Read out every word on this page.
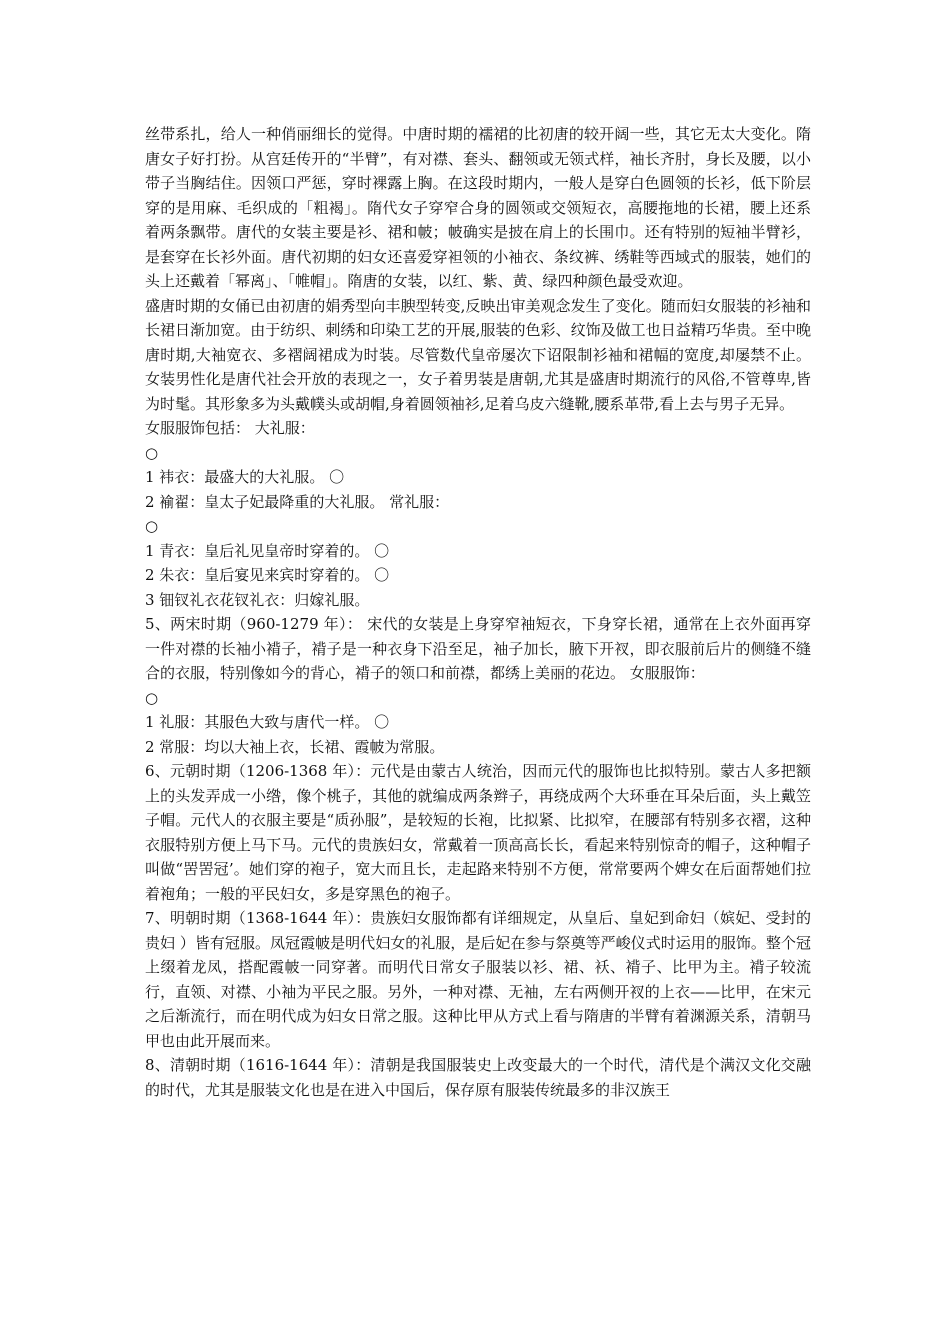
丝带系扎，给人一种俏丽细长的觉得。中唐时期的襦裙的比初唐的较开阔一些，其它无太大变化。隋唐女子好打扮。从宫廷传开的“半臂”，有对襟、套头、翻领或无领式样，袖长齐肘，身长及腰，以小带子当胸结住。因领口严惩，穿时裸露上胸。在这段时期内，一般人是穿白色圆领的长衫，低下阶层穿的是用麻、毛织成的「粗褐」。隋代女子穿窄合身的圆领或交领短衣，高腰拖地的长裙，腰上还系着两条飘带。唐代的女装主要是衫、裙和帔；帔确实是披在肩上的长围巾。还有特别的短袖半臂衫，是套穿在长衫外面。唐代初期的妇女还喜爱穿袒领的小袖衣、条纹裤、绣鞋等西域式的服装，她们的头上还戴着「幂离」、「帷帽」。隋唐的女装，以红、紫、黄、绿四种颜色最受欢迎。

盛唐时期的女俑已由初唐的娟秀型向丰腴型转变,反映出审美观念发生了变化。随而妇女服装的衫袖和长裙日渐加宽。由于纺织、刺绣和印染工艺的开展,服装的色彩、纹饰及做工也日益精巧华贵。至中晚唐时期,大袖宽衣、多褶阔裙成为时装。尽管数代皇帝屡次下诏限制衫袖和裙幅的宽度,却屡禁不止。女装男性化是唐代社会开放的表现之一，女子着男装是唐朝,尤其是盛唐时期流行的风俗,不管尊卑,皆为时髦。其形象多为头戴幞头或胡帽,身着圆领袖衫,足着乌皮六缝靴,腰系革带,看上去与男子无异。

女服服饰包括： 大礼服：

○

1 袆衣：最盛大的大礼服。 〇

2 褕翟：皇太子妃最降重的大礼服。 常礼服：

○

1 青衣：皇后礼见皇帝时穿着的。 〇

2 朱衣：皇后宴见来宾时穿着的。 〇

3 钿钗礼衣花钗礼衣：归嫁礼服。

5、两宋时期（960-1279 年）： 宋代的女装是上身穿窄袖短衣，下身穿长裙，通常在上衣外面再穿一件对襟的长袖小褙子，褙子是一种衣身下沿至足，袖子加长，腋下开衩，即衣服前后片的侧缝不缝合的衣服，特别像如今的背心，褙子的领口和前襟，都绣上美丽的花边。 女服服饰：

○

1 礼服：其服色大致与唐代一样。 〇

2 常服：均以大袖上衣，长裙、霞帔为常服。

6、元朝时期（1206-1368 年）：元代是由蒙古人统治，因而元代的服饰也比拟特别。蒙古人多把额上的头发弄成一小绺，像个桃子，其他的就编成两条辫子，再绕成两个大环垂在耳朵后面，头上戴笠子帽。元代人的衣服主要是“质孙服”，是较短的长袍，比拟紧、比拟窄，在腰部有特别多衣褶，这种衣服特别方便上马下马。元代的贵族妇女，常戴着一顶高高长长，看起来特别惊奇的帽子，这种帽子叫做“罟罟冠’。她们穿的袍子，宽大而且长，走起路来特别不方便，常常要两个婢女在后面帮她们拉着袍角；一般的平民妇女，多是穿黑色的袍子。

7、明朝时期（1368-1644 年）：贵族妇女服饰都有详细规定，从皇后、皇妃到命妇（嫔妃、受封的贵妇 ）皆有冠服。凤冠霞帔是明代妇女的礼服，是后妃在参与祭奠等严峻仪式时运用的服饰。整个冠上缀着龙凤，搭配霞帔一同穿著。而明代日常女子服装以衫、裙、袄、褙子、比甲为主。褙子较流行，直领、对襟、小袖为平民之服。另外，一种对襟、无袖，左右两侧开衩的上衣——比甲，在宋元之后渐流行，而在明代成为妇女日常之服。这种比甲从方式上看与隋唐的半臂有着渊源关系，清朝马甲也由此开展而来。

8、清朝时期（1616-1644 年）：清朝是我国服装史上改变最大的一个时代，清代是个满汉文化交融的时代，尤其是服装文化也是在进入中国后，保存原有服装传统最多的非汉族王
